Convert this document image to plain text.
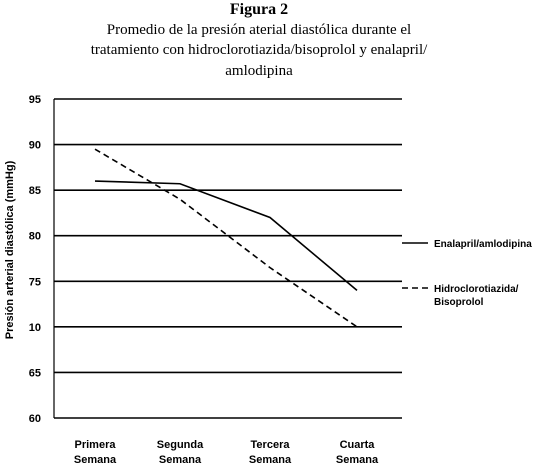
Figura 2
Promedio de la presión aterial diastólica durante el
tratamiento con hidroclorotiazida/bisoprolol y enalapril/
amlodipina
Presión arterial diastólica (mmHg)
60
65
10
75
80
85
90
95
Primera Semana
Segunda Semana
Tercera Semana
Cuarta Semana
Enalapril/amlodipina
Hidroclorotiazida/ Bisoprolol
